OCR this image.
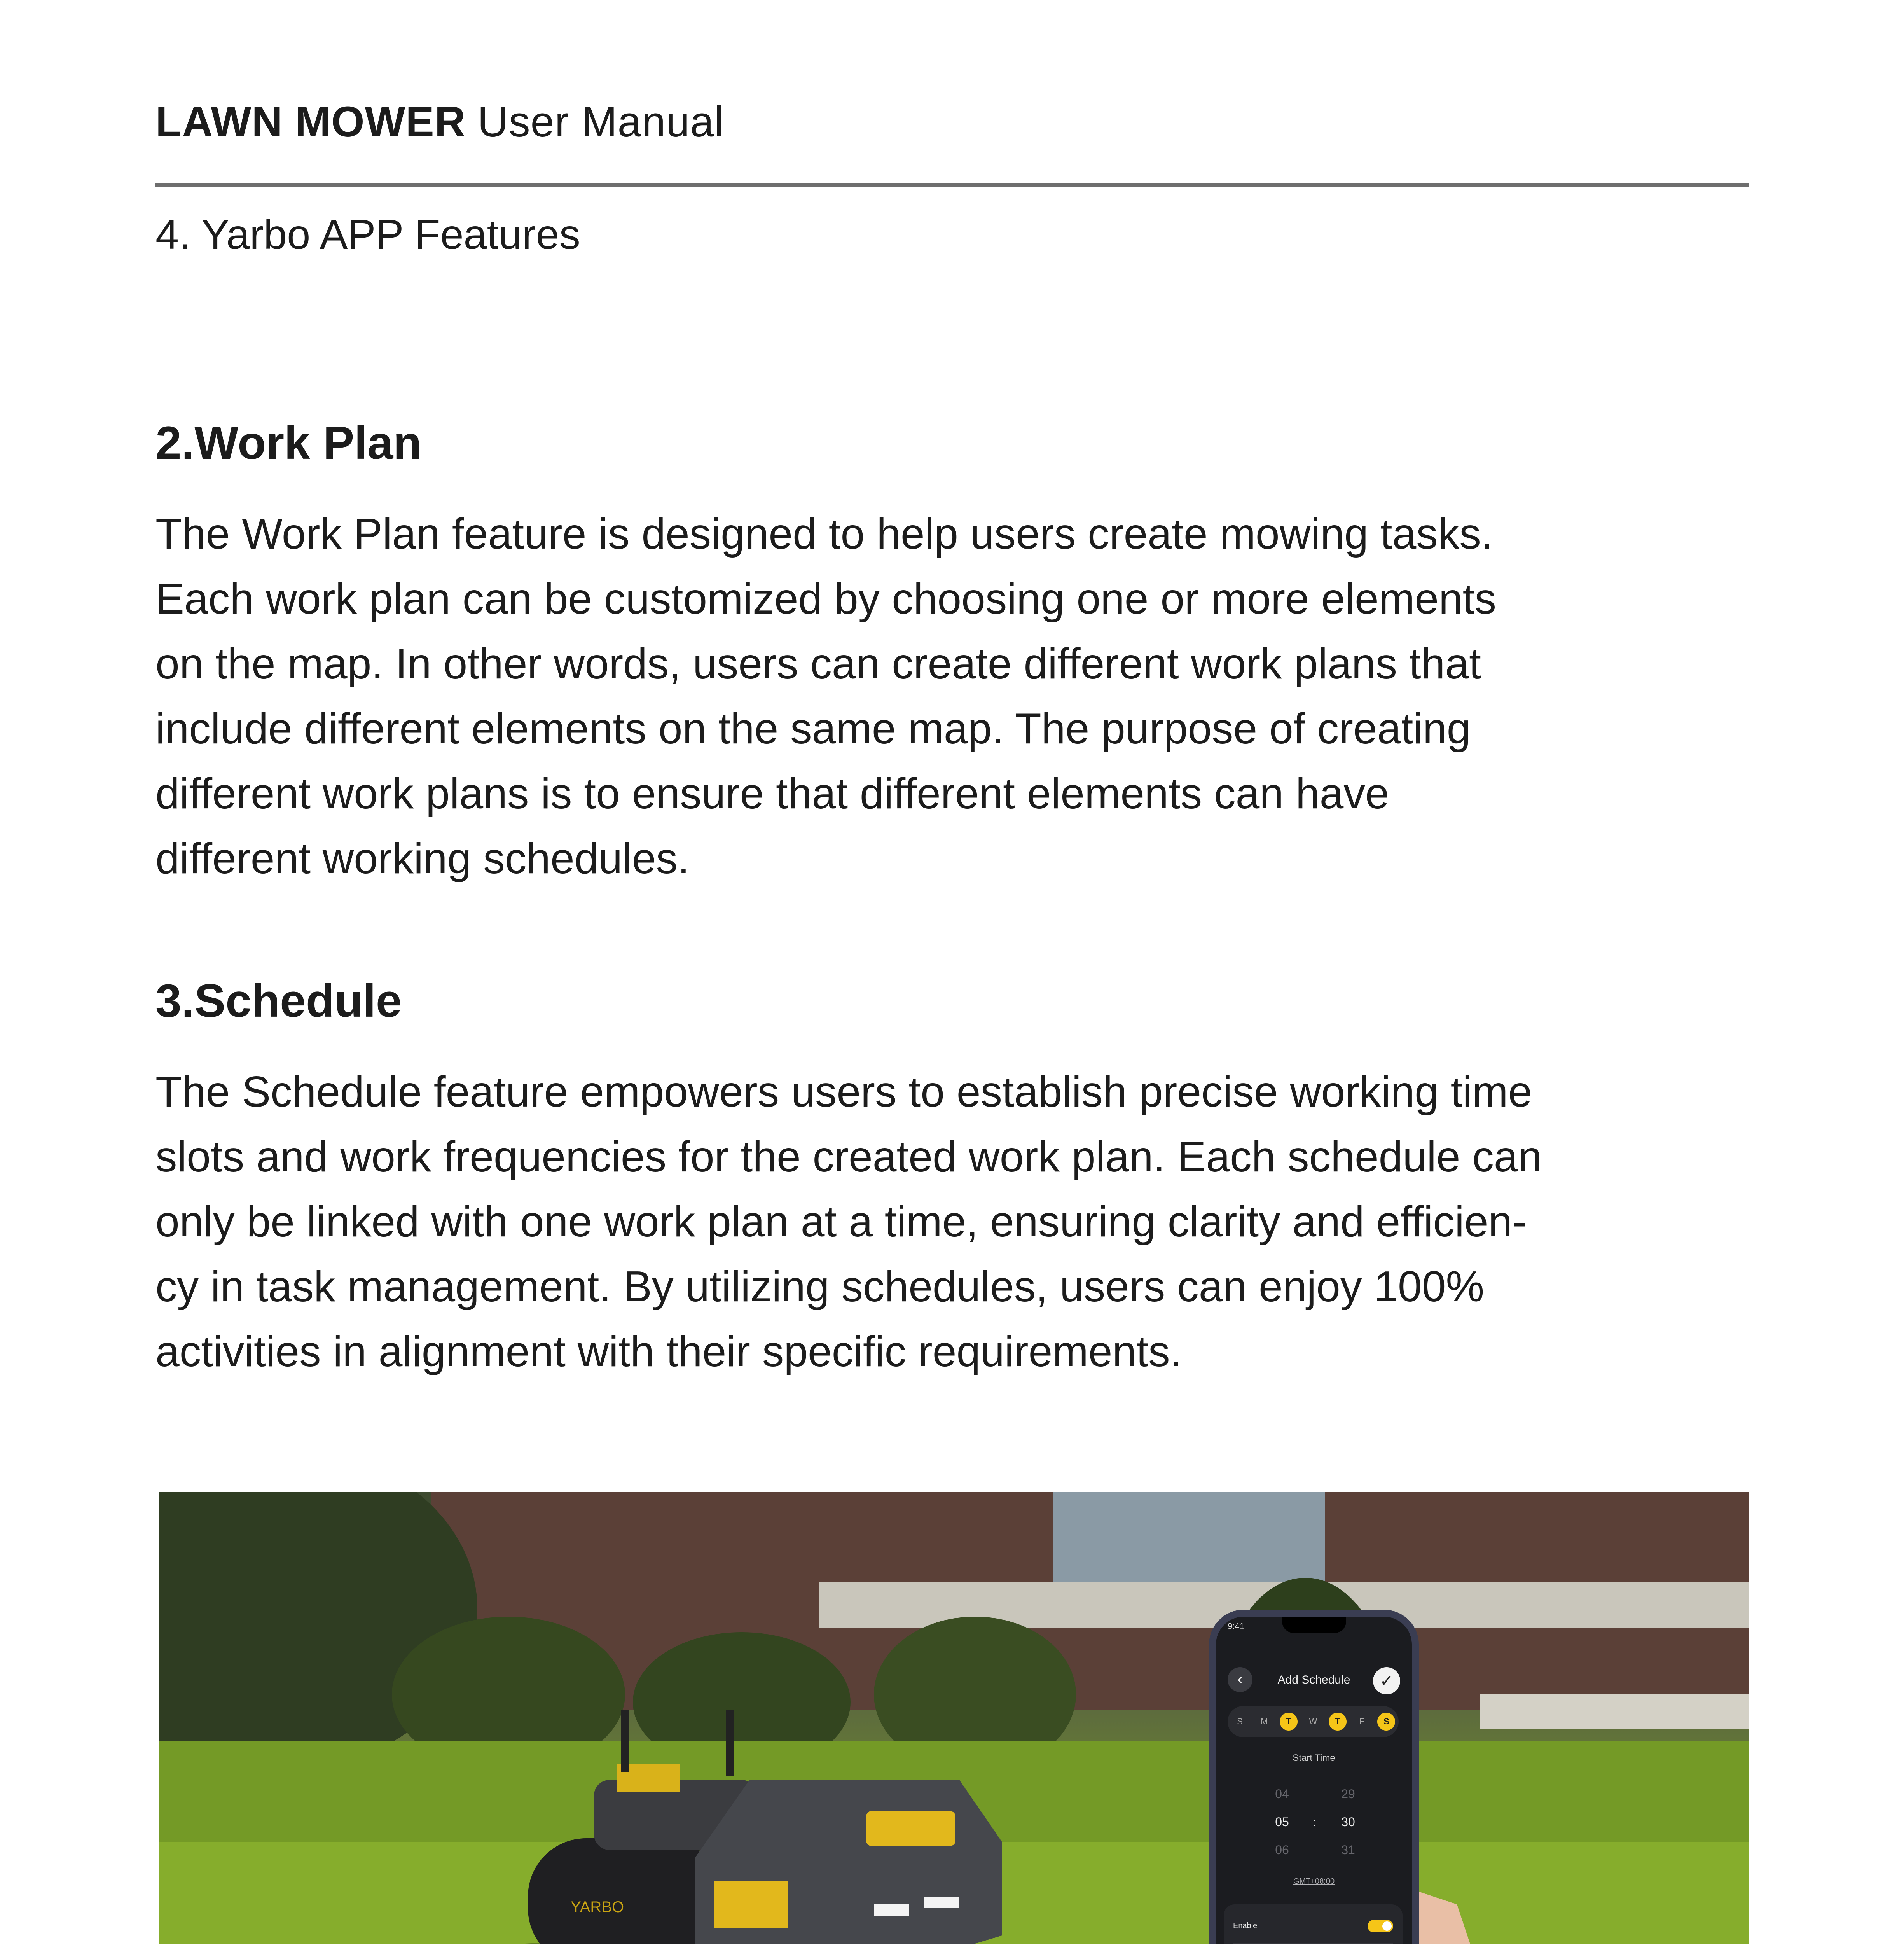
LAWN MOWER User Manual
4. Yarbo APP Features
2.Work Plan
The Work Plan feature is designed to help users create mowing tasks.
Each work plan can be customized by choosing one or more elements
on the map. In other words, users can create different work plans that
include different elements on the same map. The purpose of creating
different work plans is to ensure that different elements can have
different working schedules.
3.Schedule
The Schedule feature empowers users to establish precise working time
slots and work frequencies for the created work plan. Each schedule can
only be linked with one work plan at a time, ensuring clarity and efficien-
cy in task management. By utilizing schedules, users can enjoy 100%
activities in alignment with their specific requirements.
YARBO
9:41
‹	Add Schedule	✓
S	M	T	W	T	F	S
Start Time
04
05
06
:
29
30
31
GMT+08:00
Enable
